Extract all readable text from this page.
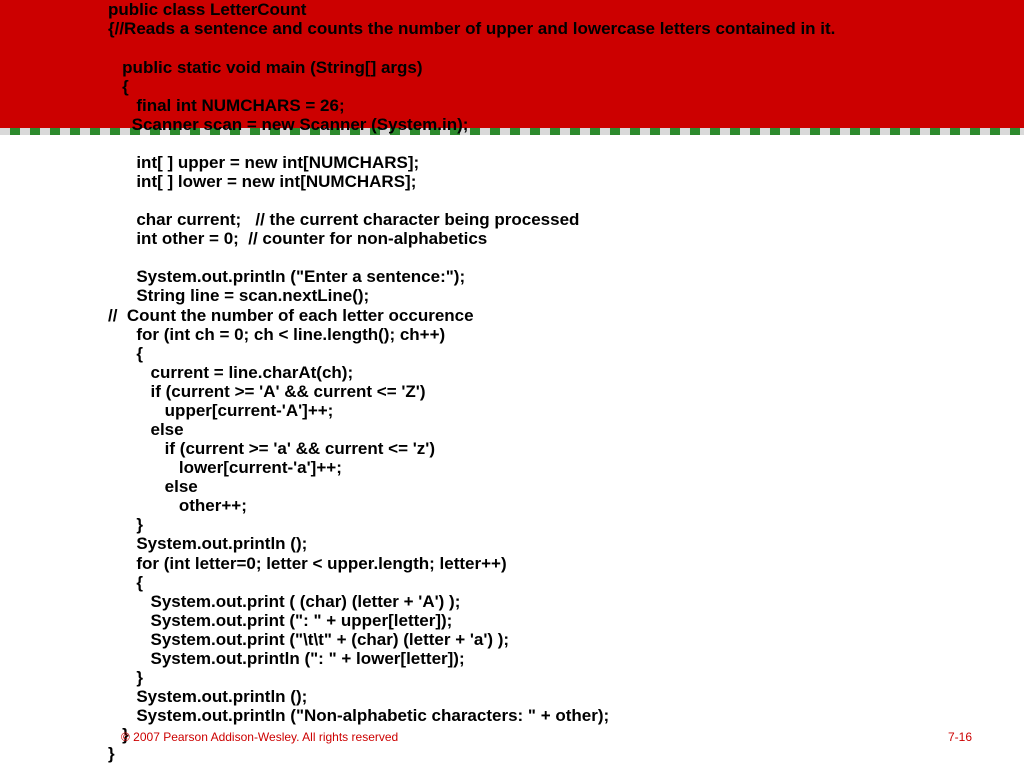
public class LetterCount
{//Reads a sentence and counts the number of upper and lowercase letters contained in it.
public static void main (String[] args)
{
final int NUMCHARS = 26;
Scanner scan = new Scanner (System.in);
int[ ] upper = new int[NUMCHARS];
int[ ] lower = new int[NUMCHARS];
char current;   // the current character being processed
int other = 0;  // counter for non-alphabetics
System.out.println ("Enter a sentence:");
String line = scan.nextLine();
//  Count the number of each letter occurence
for (int ch = 0; ch < line.length(); ch++)
{
current = line.charAt(ch);
if (current >= 'A' && current <= 'Z')
upper[current-'A']++;
else
if (current >= 'a' && current <= 'z')
lower[current-'a']++;
else
other++;
}
System.out.println ();
for (int letter=0; letter < upper.length; letter++)
{
System.out.print ( (char) (letter + 'A') );
System.out.print (": " + upper[letter]);
System.out.print ("\t\t" + (char) (letter + 'a') );
System.out.println (": " + lower[letter]);
}
System.out.println ();
System.out.println ("Non-alphabetic characters: " + other);
}
}
© 2007 Pearson Addison-Wesley. All rights reserved	7-16
